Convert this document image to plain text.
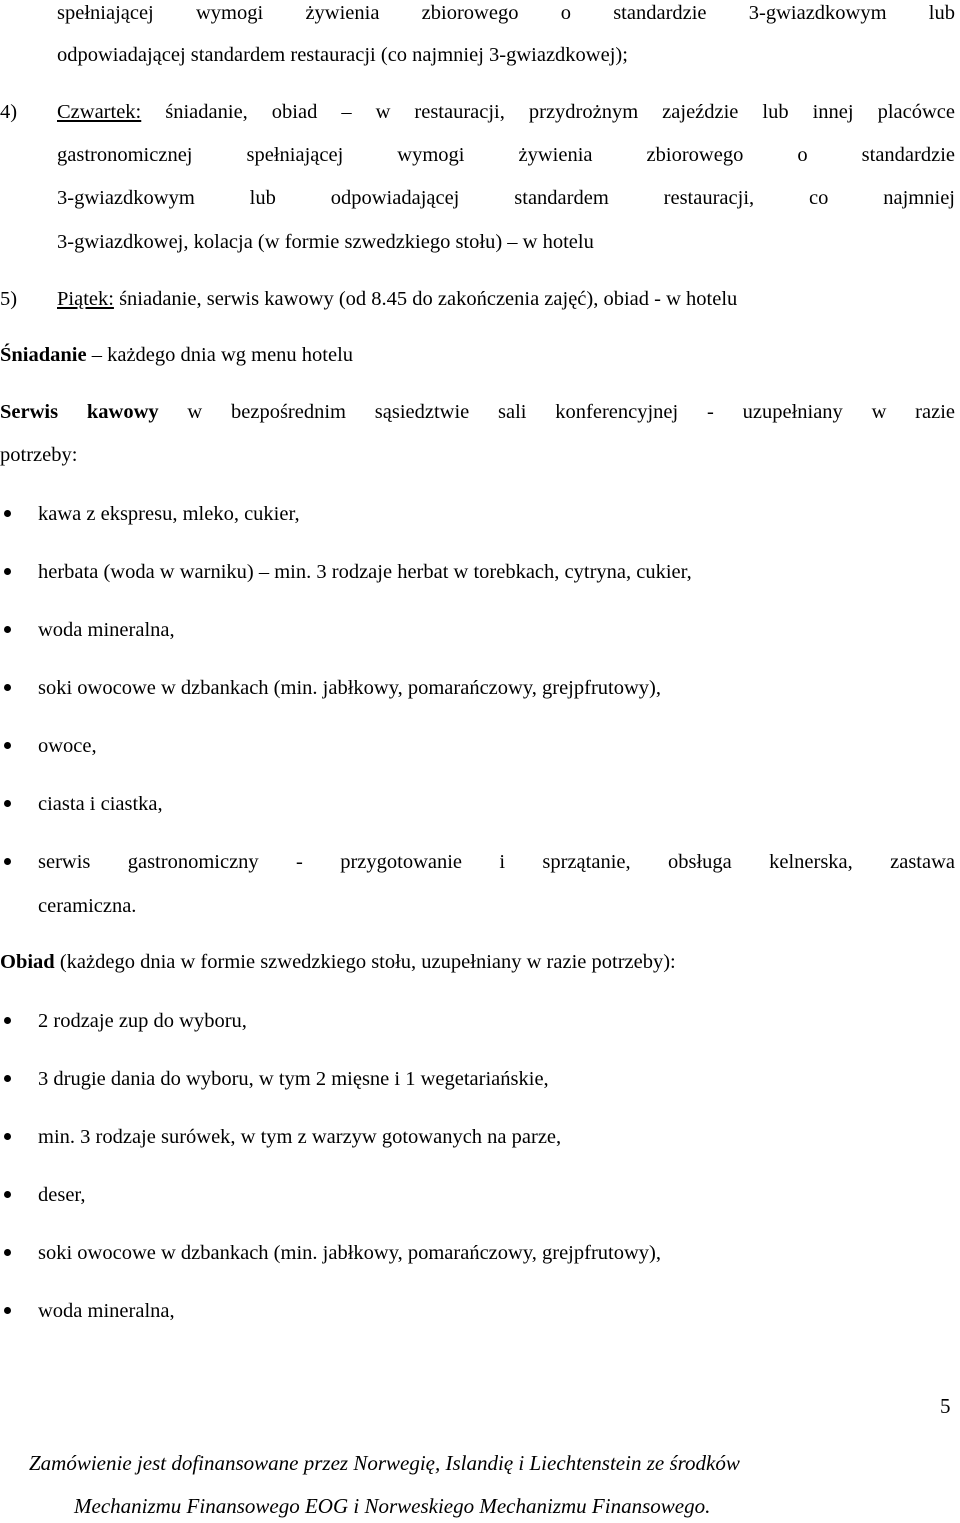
spełniającej wymogi żywienia zbiorowego o standardzie 3-gwiazdkowym lub
odpowiadającej standardem restauracji (co najmniej 3-gwiazdkowej);
4) Czwartek: śniadanie, obiad – w restauracji, przydrożnym zajeździe lub innej placówce
gastronomicznej spełniającej wymogi żywienia zbiorowego o standardzie
3-gwiazdkowym lub odpowiadającej standardem restauracji, co najmniej
3-gwiazdkowej, kolacja (w formie szwedzkiego stołu) – w hotelu
5) Piątek: śniadanie, serwis kawowy (od 8.45 do zakończenia zajęć), obiad - w hotelu
Śniadanie – każdego dnia wg menu hotelu
Serwis kawowy w bezpośrednim sąsiedztwie sali konferencyjnej - uzupełniany w razie
potrzeby:
kawa z ekspresu, mleko, cukier,
herbata (woda w warniku) – min. 3 rodzaje herbat w torebkach, cytryna, cukier,
woda mineralna,
soki owocowe w dzbankach (min. jabłkowy, pomarańczowy, grejpfrutowy),
owoce,
ciasta i ciastka,
serwis gastronomiczny - przygotowanie i sprzątanie, obsługa kelnerska, zastawa
ceramiczna.
Obiad (każdego dnia w formie szwedzkiego stołu, uzupełniany w razie potrzeby):
2 rodzaje zup do wyboru,
3 drugie dania do wyboru, w tym 2 mięsne i 1 wegetariańskie,
min. 3 rodzaje surówek, w tym z warzyw gotowanych na parze,
deser,
soki owocowe w dzbankach (min. jabłkowy, pomarańczowy, grejpfrutowy),
woda mineralna,
5
Zamówienie jest dofinansowane przez Norwegię, Islandię i Liechtenstein ze środków
Mechanizmu Finansowego EOG i Norweskiego Mechanizmu Finansowego.
